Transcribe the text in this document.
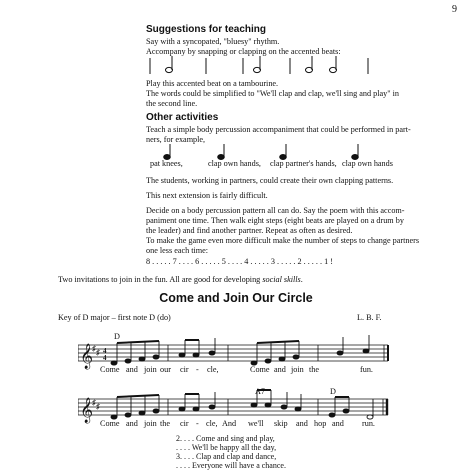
9
Suggestions for teaching
Say with a syncopated, "bluesy" rhythm.
Accompany by snapping or clapping on the accented beats:
Play this accented beat on a tambourine.
The words could be simplified to "We'll clap and clap, we'll sing and play" in
the second line.
Other activities
Teach a simple body percussion accompaniment that could be performed in part-
ners, for example,
pat knees,	clap own hands, clap partner's hands, clap own hands
The students, working in partners, could create their own clapping patterns.
This next extension is fairly difficult.
Decide on a body percussion pattern all can do. Say the poem with this accom-
paniment one time. Then walk eight steps (eight beats are played on a drum by
the leader) and find another partner. Repeat as often as desired.
To make the game even more difficult make the number of steps to change partners
one less each time:
8 . . . . . 7 . . . . 6 . . . . . 5 . . . . 4 . . . . . 3 . . . . . 2 . . . . . 1 !
Two invitations to join in the fun. All are good for developing social skills.
Come and Join Our Circle
Key of D major – first note D (do)	L. B. F.
𝄞
♯ ♯ 4
4
D
Come and join our cir - cle,	Come and join the	fun.
𝄞
♯ ♯
A7	D
Come and join the cir - cle, And we'll skip and hop and run.
2. . . . Come and sing and play,
. . . . We'll be happy all the day,
3. . . . Clap and clap and dance,
. . . . Everyone will have a chance.
